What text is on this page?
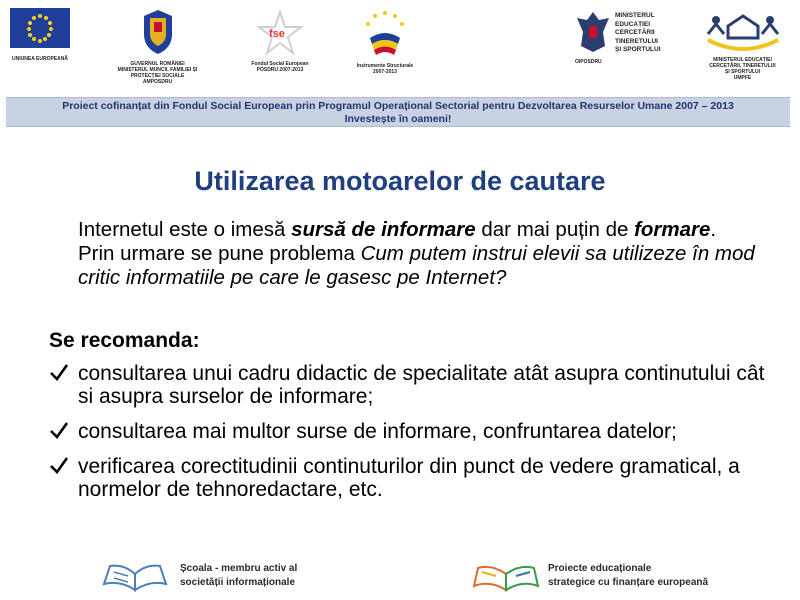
UNIUNEA EUROPEANĂ
GUVERNUL ROMÂNIEI
MINISTERUL MUNCII, FAMILIEI ȘI
PROTECȚIEI SOCIALE
AMPOSDRU
fse
Fondul Social European
POSDRU 2007-2013
Instrumente Structurale
2007-2013
MINISTERUL
EDUCAȚIEI
CERCETĂRII
TINERETULUI
ȘI SPORTULUI
OIPOSDRU	MINISTERUL EDUCAȚIEI
CERCETĂRII, TINERETULUI
ȘI SPORTULUI
UMPFE
Proiect cofinanțat din Fondul Social European prin Programul Operațional Sectorial pentru Dezvoltarea Resurselor Umane 2007 – 2013
Investește în oameni!
Utilizarea motoarelor de cautare
Internetul este o imesă sursă de informare dar mai puțin de formare. Prin urmare se pune problema Cum putem instrui elevii sa utilizeze în mod critic informatiile pe care le gasesc pe Internet?
Se recomanda:
consultarea unui cadru didactic de specialitate atât asupra continutului cât si asupra surselor de informare;
consultarea mai multor surse de informare, confruntarea datelor;
verificarea corectitudinii continuturilor din punct de vedere gramatical, a normelor de tehnoredactare, etc.
Școala - membru activ al
societății informaționale
Proiecte educaționale
strategice cu finanțare europeană
